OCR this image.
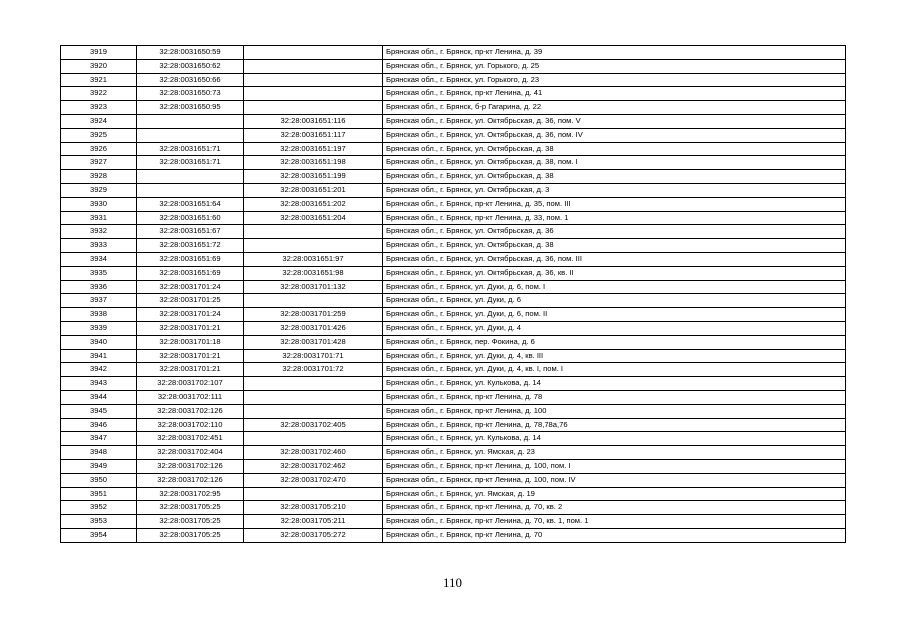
3919	32:28:0031650:59		Брянская обл., г. Брянск, пр-кт Ленина, д. 39
3920	32:28:0031650:62		Брянская обл., г. Брянск, ул. Горького, д. 25
3921	32:28:0031650:66		Брянская обл., г. Брянск, ул. Горького, д. 23
3922	32:28:0031650:73		Брянская обл., г. Брянск, пр-кт Ленина, д. 41
3923	32:28:0031650:95		Брянская обл., г. Брянск, б-р Гагарина, д. 22
3924		32:28:0031651:116	Брянская обл., г. Брянск, ул. Октябрьская, д. 36, пом. V
3925		32:28:0031651:117	Брянская обл., г. Брянск, ул. Октябрьская, д. 36, пом. IV
3926	32:28:0031651:71	32:28:0031651:197	Брянская обл., г. Брянск, ул. Октябрьская, д. 38
3927	32:28:0031651:71	32:28:0031651:198	Брянская обл., г. Брянск, ул. Октябрьская, д. 38, пом. I
3928		32:28:0031651:199	Брянская обл., г. Брянск, ул. Октябрьская, д. 38
3929		32:28:0031651:201	Брянская обл., г. Брянск, ул. Октябрьская, д. 3
3930	32:28:0031651:64	32:28:0031651:202	Брянская обл., г. Брянск, пр-кт Ленина, д. 35, пом. III
3931	32:28:0031651:60	32:28:0031651:204	Брянская обл., г. Брянск, пр-кт Ленина, д. 33, пом. 1
3932	32:28:0031651:67		Брянская обл., г. Брянск, ул. Октябрьская, д. 36
3933	32:28:0031651:72		Брянская обл., г. Брянск, ул. Октябрьская, д. 38
3934	32:28:0031651:69	32:28:0031651:97	Брянская обл., г. Брянск, ул. Октябрьская, д. 36, пом. III
3935	32:28:0031651:69	32:28:0031651:98	Брянская обл., г. Брянск, ул. Октябрьская, д. 36, кв. II
3936	32:28:0031701:24	32:28:0031701:132	Брянская обл., г. Брянск, ул. Дуки, д. 6, пом. I
3937	32:28:0031701:25		Брянская обл., г. Брянск, ул. Дуки, д. 6
3938	32:28:0031701:24	32:28:0031701:259	Брянская обл., г. Брянск, ул. Дуки, д. 6, пом. II
3939	32:28:0031701:21	32:28:0031701:426	Брянская обл., г. Брянск, ул. Дуки, д. 4
3940	32:28:0031701:18	32:28:0031701:428	Брянская обл., г. Брянск, пер. Фокина, д. 6
3941	32:28:0031701:21	32:28:0031701:71	Брянская обл., г. Брянск, ул. Дуки, д. 4, кв. III
3942	32:28:0031701:21	32:28:0031701:72	Брянская обл., г. Брянск, ул. Дуки, д. 4, кв. I, пом. I
3943	32:28:0031702:107		Брянская обл., г. Брянск, ул. Кулькова, д. 14
3944	32:28:0031702:111		Брянская обл., г. Брянск, пр-кт Ленина, д. 78
3945	32:28:0031702:126		Брянская обл., г. Брянск, пр-кт Ленина, д. 100
3946	32:28:0031702:110	32:28:0031702:405	Брянская обл., г. Брянск, пр-кт Ленина, д. 78,78а,76
3947	32:28:0031702:451		Брянская обл., г. Брянск, ул. Кулькова, д. 14
3948	32:28:0031702:404	32:28:0031702:460	Брянская обл., г. Брянск, ул. Ямская, д. 23
3949	32:28:0031702:126	32:28:0031702:462	Брянская обл., г. Брянск, пр-кт Ленина, д. 100, пом. I
3950	32:28:0031702:126	32:28:0031702:470	Брянская обл., г. Брянск, пр-кт Ленина, д. 100, пом. IV
3951	32:28:0031702:95		Брянская обл., г. Брянск, ул. Ямская, д. 19
3952	32:28:0031705:25	32:28:0031705:210	Брянская обл., г. Брянск, пр-кт Ленина, д. 70, кв. 2
3953	32:28:0031705:25	32:28:0031705:211	Брянская обл., г. Брянск, пр-кт Ленина, д. 70, кв. 1, пом. 1
3954	32:28:0031705:25	32:28:0031705:272	Брянская обл., г. Брянск, пр-кт Ленина, д. 70
110
